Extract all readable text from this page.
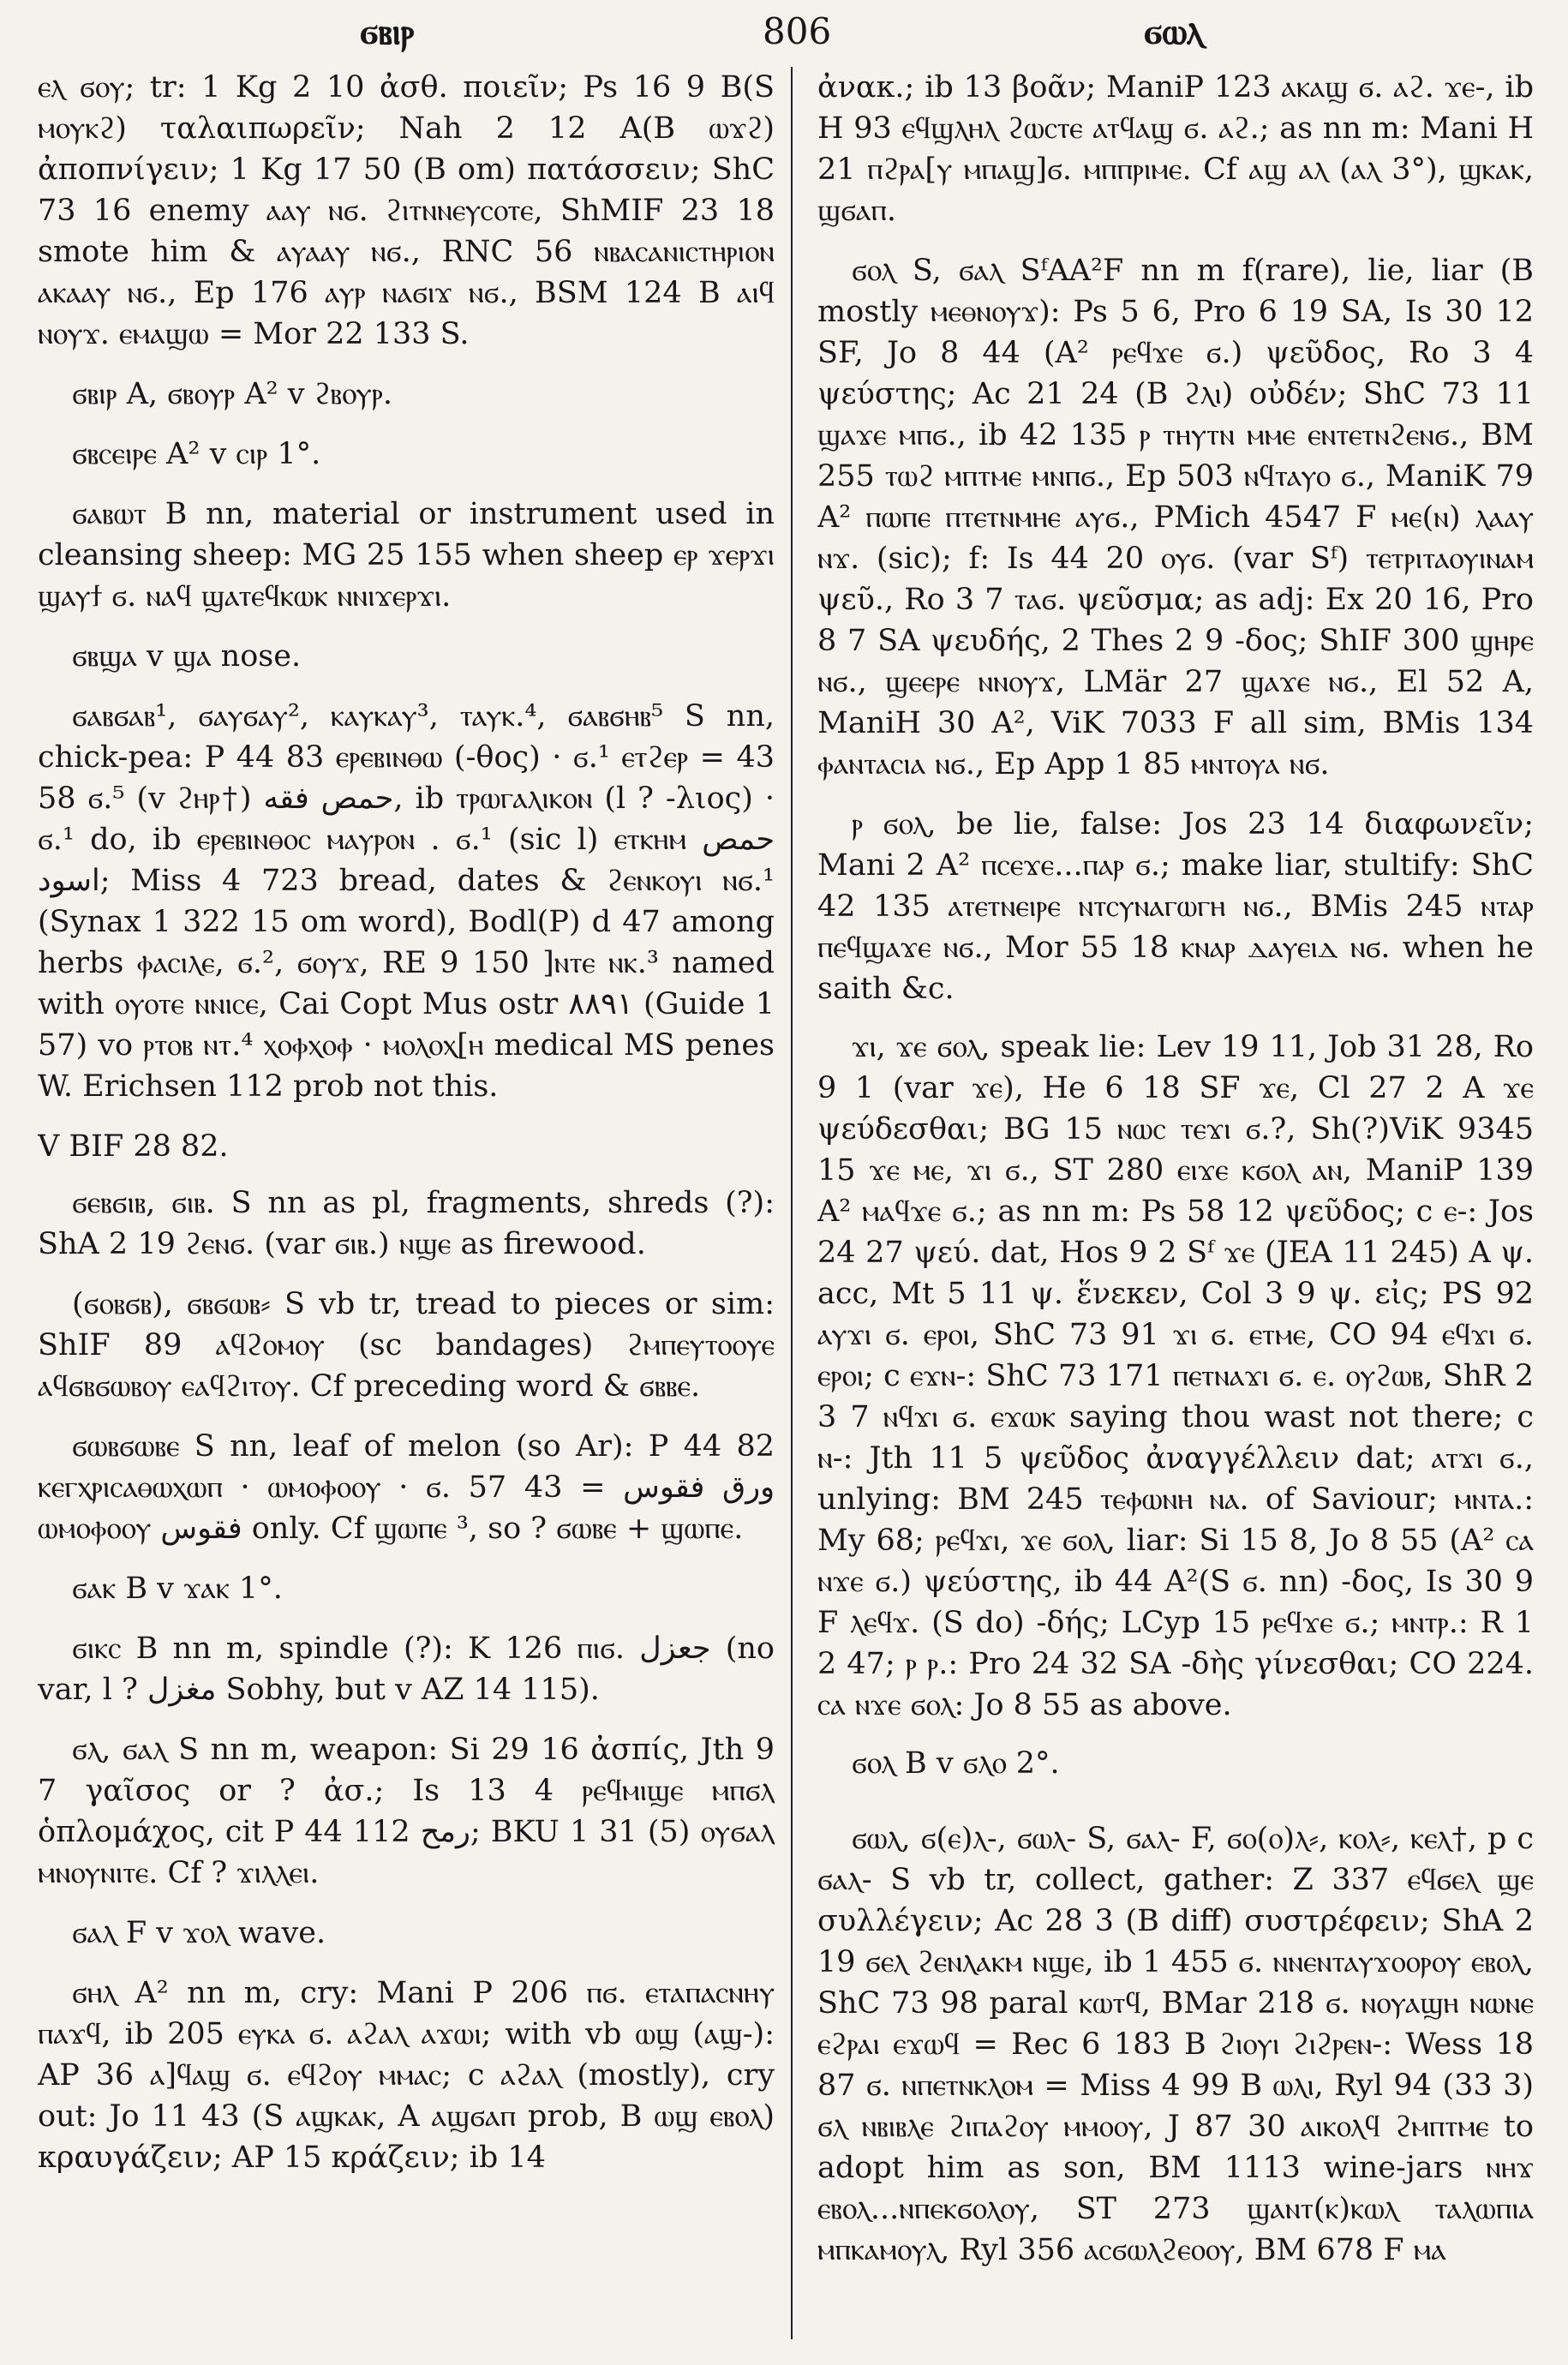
ϭⲃⲓⲣ	806	ϭⲱⲗ

ⲉⲗ ϭⲟⲩ; tr: 1 Kg 2 10 ἀσθ. ποιεῖν; Ps 16 9 B(S ⲙⲟⲩⲕϩ) ταλαιπωρεῖν; Nah 2 12 A(B ⲱϫϩ) ἀποπνίγειν; 1 Kg 17 50 (B om) πατάσσειν; ShC 73 16 enemy ⲁⲁⲩ ⲛϭ. ϩⲓⲧⲛⲛⲉⲩⲥⲟⲧⲉ, ShMIF 23 18 smote him & ⲁⲩⲁⲁⲩ ⲛϭ., RNC 56 ⲛⲃⲁⲥⲁⲛⲓⲥⲧⲏⲣⲓⲟⲛ ⲁⲕⲁⲁⲩ ⲛϭ., Ep 176 ⲁⲩⲣ ⲛⲁϭⲓϫ ⲛϭ., BSM 124 B ⲁⲓϥ ⲛⲟⲩϫ. ⲉⲙⲁϣⲱ = Mor 22 133 S.

ϭⲃⲓⲣ A, ϭⲃⲟⲩⲣ A² v ϩⲃⲟⲩⲣ.

ϭⲃⲥⲉⲓⲣⲉ A² v ⲥⲓⲣ 1°.

ϭⲁⲃⲱⲧ B nn, material or instrument used in cleansing sheep: MG 25 155 when sheep ⲉⲣ ϫⲉⲣϫⲓ ϣⲁⲩϯ ϭ. ⲛⲁϥ ϣⲁⲧⲉϥⲕⲱⲕ ⲛⲛⲓϫⲉⲣϫⲓ.

ϭⲃϣⲁ v ϣⲁ nose.

ϭⲁⲃϭⲁⲃ¹, ϭⲁⲩϭⲁⲩ², ⲕⲁⲩⲕⲁⲩ³, ⲧⲁⲩⲕ.⁴, ϭⲁⲃϭⲏⲃ⁵ S nn, chick-pea: P 44 83 ⲉⲣⲉⲃⲓⲛⲑⲱ (-θος) · ϭ.¹ ⲉⲧϩⲉⲣ = 43 58 ϭ.⁵ (v ϩⲏⲣ†) حمص فقه, ib ⲧⲣⲱⲅⲁⲗⲓⲕⲟⲛ (l ? -λιος) · ϭ.¹ do, ib ⲉⲣⲉⲃⲓⲛⲑⲟⲥ ⲙⲁⲩⲣⲟⲛ . ϭ.¹ (sic l) ⲉⲧⲕⲏⲙ حمص اسود; Miss 4 723 bread, dates & ϩⲉⲛⲕⲟⲩⲓ ⲛϭ.¹ (Synax 1 322 15 om word), Bodl(P) d 47 among herbs ⲫⲁⲥⲓⲗⲉ, ϭ.², ϭⲟⲩϫ, RE 9 150 ]ⲛⲧⲉ ⲛⲕ.³ named with ⲟⲩⲟⲧⲉ ⲛⲛⲓⲥⲉ, Cai Copt Mus ostr ٨٨٩١ (Guide 1 57) vo ⲣⲧⲟⲃ ⲛⲧ.⁴ ⲭⲟⲫⲭⲟⲫ · ⲙⲟⲗⲟⲭ[ⲏ medical MS penes W. Erichsen 112 prob not this.

V BIF 28 82.

ϭⲉⲃϭⲓⲃ, ϭⲓⲃ. S nn as pl, fragments, shreds (?): ShA 2 19 ϩⲉⲛϭ. (var ϭⲓⲃ.) ⲛϣⲉ as firewood.

(ϭⲟⲃϭⲃ), ϭⲃϭⲱⲃ⸗ S vb tr, tread to pieces or sim: ShIF 89 ⲁϥϩⲟⲙⲟⲩ (sc bandages) ϩⲙⲡⲉⲩⲧⲟⲟⲩⲉ ⲁϥϭⲃϭⲱⲃⲟⲩ ⲉⲁϥϩⲓⲧⲟⲩ. Cf preceding word & ϭⲃⲃⲉ.

ϭⲱⲃϭⲱⲃⲉ S nn, leaf of melon (so Ar): P 44 82 ⲕⲉⲅⲭⲣⲓⲥⲁⲑⲱⲭⲱⲡ · ⲱⲙⲟⲫⲟⲟⲩ · ϭ. ورق فقوس = 43 57 ⲱⲙⲟⲫⲟⲟⲩ فقوس only. Cf ϣⲱⲡⲉ ³, so ? ϭⲱⲃⲉ + ϣⲱⲡⲉ.

ϭⲁⲕ B v ϫⲁⲕ 1°.

ϭⲓⲕⲥ B nn m, spindle (?): K 126 ⲡⲓϭ. جعزل (no var, l ? مغزل Sobhy, but v AZ 14 115).

ϭⲗ, ϭⲁⲗ S nn m, weapon: Si 29 16 ἀσπίς, Jth 9 7 γαῖσος or ? ἀσ.; Is 13 4 ⲣⲉϥⲙⲓϣⲉ ⲙⲡϭⲗ ὁπλομάχος, cit P 44 112 رمح; BKU 1 31 (5) ⲟⲩϭⲁⲗ ⲙⲛⲟⲩⲛⲓⲧⲉ. Cf ? ϫⲓⲗⲗⲉⲓ.

ϭⲁⲗ F v ϫⲟⲗ wave.

ϭⲏⲗ A² nn m, cry: Mani P 206 ⲡϭ. ⲉⲧⲁⲡⲁⲥⲛⲏⲩ ⲡⲁϫϥ, ib 205 ⲉⲩⲕⲁ ϭ. ⲁϩⲁⲗ ⲁϫⲱⲓ; with vb ⲱϣ (ⲁϣ-): AP 36 ⲁ]ϥⲁϣ ϭ. ⲉϥϩⲟⲩ ⲙⲙⲁⲥ; c ⲁϩⲁⲗ (mostly), cry out: Jo 11 43 (S ⲁϣⲕⲁⲕ, A ⲁϣϭⲁⲡ prob, B ⲱϣ ⲉⲃⲟⲗ) κραυγάζειν; AP 15 κράζειν; ib 14

ἀνακ.; ib 13 βοᾶν; ManiP 123 ⲁⲕⲁϣ ϭ. ⲁϩ. ϫⲉ-, ib H 93 ⲉϥϣⲗⲏⲗ ϩⲱⲥⲧⲉ ⲁⲧϥⲁϣ ϭ. ⲁϩ.; as nn m: Mani H 21 ⲡϩⲣⲁ[ⲩ ⲙⲡⲁϣ]ϭ. ⲙⲡⲡⲣⲓⲙⲉ. Cf ⲁϣ ⲁⲗ (ⲁⲗ 3°), ϣⲕⲁⲕ, ϣϭⲁⲡ.

ϭⲟⲗ S, ϭⲁⲗ SᶠAA²F nn m f(rare), lie, liar (B mostly ⲙⲉⲑⲛⲟⲩϫ): Ps 5 6, Pro 6 19 SA, Is 30 12 SF, Jo 8 44 (A² ⲣⲉϥϫⲉ ϭ.) ψεῦδος, Ro 3 4 ψεύστης; Ac 21 24 (B ϩⲗⲓ) οὐδέν; ShC 73 11 ϣⲁϫⲉ ⲙⲡϭ., ib 42 135 ⲣ ⲧⲏⲩⲧⲛ ⲙⲙⲉ ⲉⲛⲧⲉⲧⲛϩⲉⲛϭ., BM 255 ⲧⲱϩ ⲙⲡⲧⲙⲉ ⲙⲛⲡϭ., Ep 503 ⲛϥⲧⲁⲩⲟ ϭ., ManiK 79 A² ⲡⲱⲡⲉ ⲡⲧⲉⲧⲛⲙⲏⲉ ⲁⲩϭ., PMich 4547 F ⲙⲉ(ⲛ) ⲗⲁⲁⲩ ⲛϫ. (sic); f: Is 44 20 ⲟⲩϭ. (var Sᶠ) ⲧⲉⲧⲣⲓⲧⲁⲟⲩⲓⲛⲁⲙ ψεῦ., Ro 3 7 ⲧⲁϭ. ψεῦσμα; as adj: Ex 20 16, Pro 8 7 SA ψευδής, 2 Thes 2 9 -δος; ShIF 300 ϣⲏⲣⲉ ⲛϭ., ϣⲉⲉⲣⲉ ⲛⲛⲟⲩϫ, LMär 27 ϣⲁϫⲉ ⲛϭ., El 52 A, ManiH 30 A², ViK 7033 F all sim, BMis 134 ⲫⲁⲛⲧⲁⲥⲓⲁ ⲛϭ., Ep App 1 85 ⲙⲛⲧⲟⲩⲁ ⲛϭ.

ⲣ ϭⲟⲗ, be lie, false: Jos 23 14 διαφωνεῖν; Mani 2 A² ⲡⲥⲉϫⲉ...ⲡⲁⲣ ϭ.; make liar, stultify: ShC 42 135 ⲁⲧⲉⲧⲛⲉⲓⲣⲉ ⲛⲧⲥⲩⲛⲁⲅⲱⲅⲏ ⲛϭ., BMis 245 ⲛⲧⲁⲣ ⲡⲉϥϣⲁϫⲉ ⲛϭ., Mor 55 18 ⲕⲛⲁⲣ ⲇⲁⲩⲉⲓⲇ ⲛϭ. when he saith &c.

ϫⲓ, ϫⲉ ϭⲟⲗ, speak lie: Lev 19 11, Job 31 28, Ro 9 1 (var ϫⲉ), He 6 18 SF ϫⲉ, Cl 27 2 A ϫⲉ ψεύδεσθαι; BG 15 ⲛⲱⲥ ⲧⲉϫⲓ ϭ.?, Sh(?)ViK 9345 15 ϫⲉ ⲙⲉ, ϫⲓ ϭ., ST 280 ⲉⲓϫⲉ ⲕϭⲟⲗ ⲁⲛ, ManiP 139 A² ⲙⲁϥϫⲉ ϭ.; as nn m: Ps 58 12 ψεῦδος; c ⲉ-: Jos 24 27 ψεύ. dat, Hos 9 2 Sᶠ ϫⲉ (JEA 11 245) A ψ. acc, Mt 5 11 ψ. ἕνεκεν, Col 3 9 ψ. εἰς; PS 92 ⲁⲩϫⲓ ϭ. ⲉⲣⲟⲓ, ShC 73 91 ϫⲓ ϭ. ⲉⲧⲙⲉ, CO 94 ⲉϥϫⲓ ϭ. ⲉⲣⲟⲓ; c ⲉϫⲛ-: ShC 73 171 ⲡⲉⲧⲛⲁϫⲓ ϭ. ⲉ. ⲟⲩϩⲱⲃ, ShR 2 3 7 ⲛϥϫⲓ ϭ. ⲉϫⲱⲕ saying thou wast not there; c ⲛ-: Jth 11 5 ψεῦδος ἀναγγέλλειν dat; ⲁⲧϫⲓ ϭ., unlying: BM 245 ⲧⲉⲫⲱⲛⲏ ⲛⲁ. of Saviour; ⲙⲛⲧⲁ.: My 68; ⲣⲉϥϫⲓ, ϫⲉ ϭⲟⲗ, liar: Si 15 8, Jo 8 55 (A² ⲥⲁ ⲛϫⲉ ϭ.) ψεύστης, ib 44 A²(S ϭ. nn) -δος, Is 30 9 F ⲗⲉϥϫ. (S do) -δής; LCyp 15 ⲣⲉϥϫⲉ ϭ.; ⲙⲛⲧⲣ.: R 1 2 47; ⲣ ⲣ.: Pro 24 32 SA -δὴς γίνεσθαι; CO 224. ⲥⲁ ⲛϫⲉ ϭⲟⲗ: Jo 8 55 as above.

ϭⲟⲗ B v ϭⲗⲟ 2°.

ϭⲱⲗ, ϭ(ⲉ)ⲗ-, ϭⲱⲗ- S, ϭⲁⲗ- F, ϭⲟ(ⲟ)ⲗ⸗, ⲕⲟⲗ⸗, ⲕⲉⲗ†, p c ϭⲁⲗ- S vb tr, collect, gather: Z 337 ⲉϥϭⲉⲗ ϣⲉ συλλέγειν; Ac 28 3 (B diff) συστρέφειν; ShA 2 19 ϭⲉⲗ ϩⲉⲛⲗⲁⲕⲙ ⲛϣⲉ, ib 1 455 ϭ. ⲛⲛⲉⲛⲧⲁⲩϫⲟⲟⲣⲟⲩ ⲉⲃⲟⲗ, ShC 73 98 paral ⲕⲱⲧϥ, BMar 218 ϭ. ⲛⲟⲩⲁϣⲏ ⲛⲱⲛⲉ ⲉϩⲣⲁⲓ ⲉϫⲱϥ = Rec 6 183 B ϩⲓⲟⲩⲓ ϩⲓϩⲣⲉⲛ-: Wess 18 87 ϭ. ⲛⲡⲉⲧⲛⲕⲗⲟⲙ = Miss 4 99 B ⲱⲗⲓ, Ryl 94 (33 3) ϭⲗ ⲛⲃⲓⲃⲗⲉ ϩⲓⲡⲁϩⲟⲩ ⲙⲙⲟⲟⲩ, J 87 30 ⲁⲓⲕⲟⲗϥ ϩⲙⲡⲧⲙⲉ to adopt him as son, BM 1113 wine-jars ⲛⲏϫ ⲉⲃⲟⲗ...ⲛⲡⲉⲕϭⲟⲗⲟⲩ, ST 273 ϣⲁⲛⲧ(ⲕ)ⲕⲱⲗ ⲧⲁⲗⲱⲡⲓⲁ ⲙⲡⲕⲁⲙⲟⲩⲗ, Ryl 356 ⲁⲥϭⲱⲗϩⲉⲟⲟⲩ, BM 678 F ⲙⲁ
